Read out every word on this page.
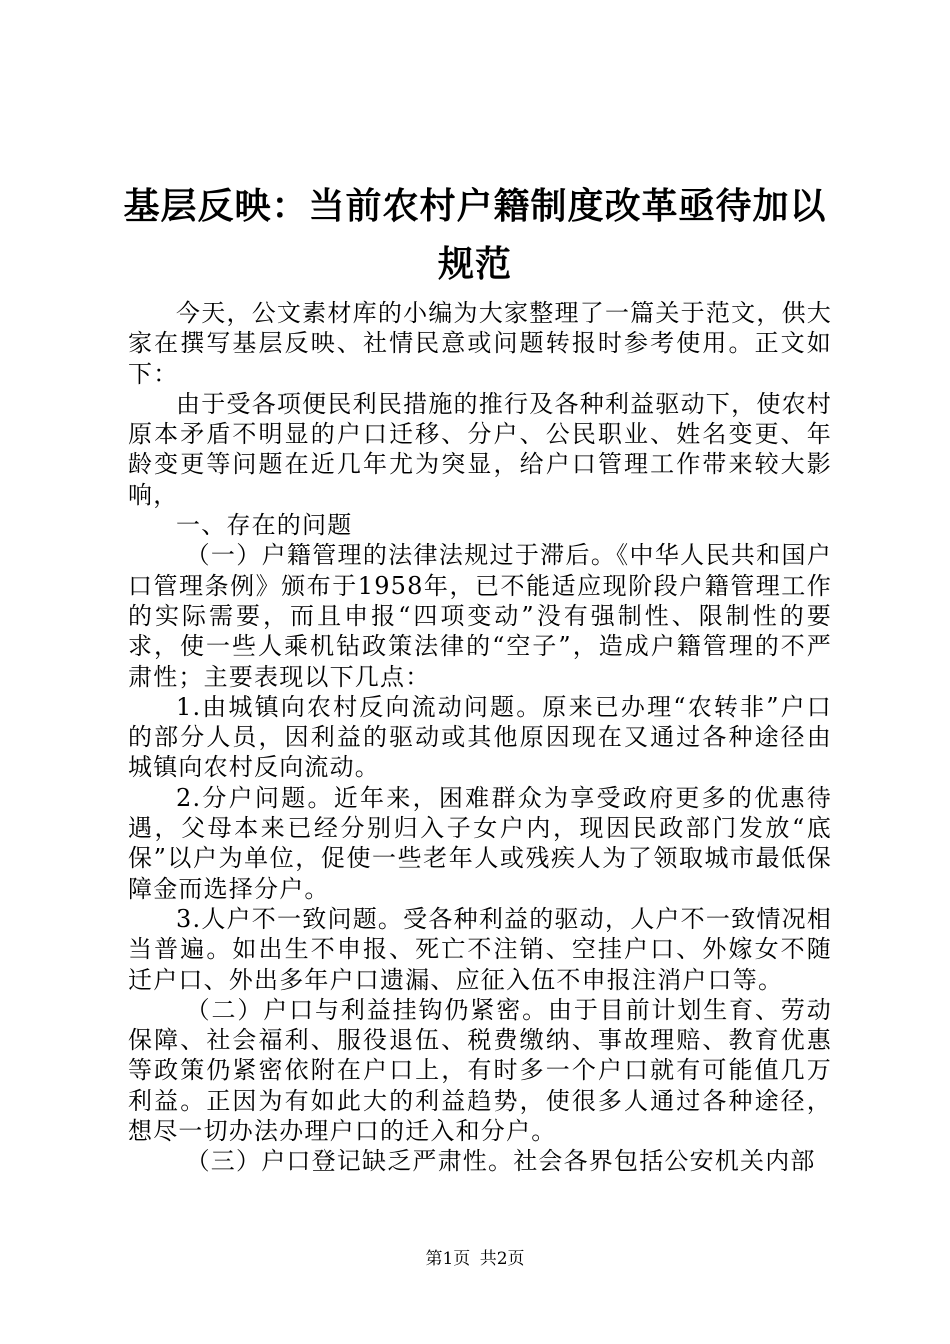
基层反映：当前农村户籍制度改革亟待加以规范

今天，公文素材库的小编为大家整理了一篇关于范文，供大家在撰写基层反映、社情民意或问题转报时参考使用。正文如下：

由于受各项便民利民措施的推行及各种利益驱动下，使农村原本矛盾不明显的户口迁移、分户、公民职业、姓名变更、年龄变更等问题在近几年尤为突显，给户口管理工作带来较大影响，

一、存在的问题

（一）户籍管理的法律法规过于滞后。《中华人民共和国户口管理条例》颁布于1958年，已不能适应现阶段户籍管理工作的实际需要，而且申报“四项变动”没有强制性、限制性的要求，使一些人乘机钻政策法律的“空子”，造成户籍管理的不严肃性；主要表现以下几点：

1.由城镇向农村反向流动问题。原来已办理“农转非”户口的部分人员，因利益的驱动或其他原因现在又通过各种途径由城镇向农村反向流动。

2.分户问题。近年来，困难群众为享受政府更多的优惠待遇，父母本来已经分别归入子女户内，现因民政部门发放“底保”以户为单位，促使一些老年人或残疾人为了领取城市最低保障金而选择分户。

3.人户不一致问题。受各种利益的驱动，人户不一致情况相当普遍。如出生不申报、死亡不注销、空挂户口、外嫁女不随迁户口、外出多年户口遗漏、应征入伍不申报注消户口等。

（二）户口与利益挂钩仍紧密。由于目前计划生育、劳动保障、社会福利、服役退伍、税费缴纳、事故理赔、教育优惠等政策仍紧密依附在户口上，有时多一个户口就有可能值几万利益。正因为有如此大的利益趋势，使很多人通过各种途径，想尽一切办法办理户口的迁入和分户。

（三）户口登记缺乏严肃性。社会各界包括公安机关内部

第1页 共2页
